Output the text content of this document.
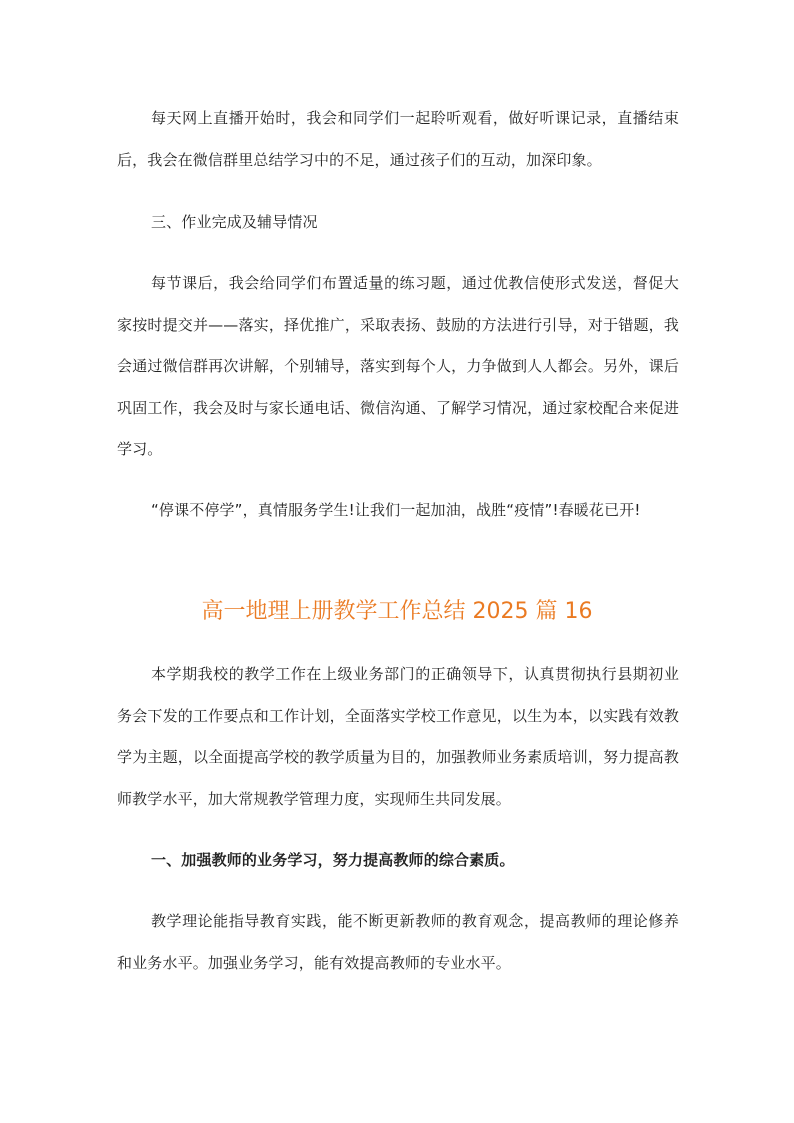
每天网上直播开始时，我会和同学们一起聆听观看，做好听课记录，直播结束后，我会在微信群里总结学习中的不足，通过孩子们的互动，加深印象。

三、作业完成及辅导情况

每节课后，我会给同学们布置适量的练习题，通过优教信使形式发送，督促大家按时提交并——落实，择优推广，采取表扬、鼓励的方法进行引导，对于错题，我会通过微信群再次讲解，个别辅导，落实到每个人，力争做到人人都会。另外，课后巩固工作，我会及时与家长通电话、微信沟通、了解学习情况，通过家校配合来促进学习。

“停课不停学”，真情服务学生!让我们一起加油，战胜“疫情”!春暖花已开!

高一地理上册教学工作总结 2025 篇 16

本学期我校的教学工作在上级业务部门的正确领导下，认真贯彻执行县期初业务会下发的工作要点和工作计划，全面落实学校工作意见，以生为本，以实践有效教学为主题，以全面提高学校的教学质量为目的，加强教师业务素质培训，努力提高教师教学水平，加大常规教学管理力度，实现师生共同发展。

一、加强教师的业务学习，努力提高教师的综合素质。

教学理论能指导教育实践，能不断更新教师的教育观念，提高教师的理论修养和业务水平。加强业务学习，能有效提高教师的专业水平。
